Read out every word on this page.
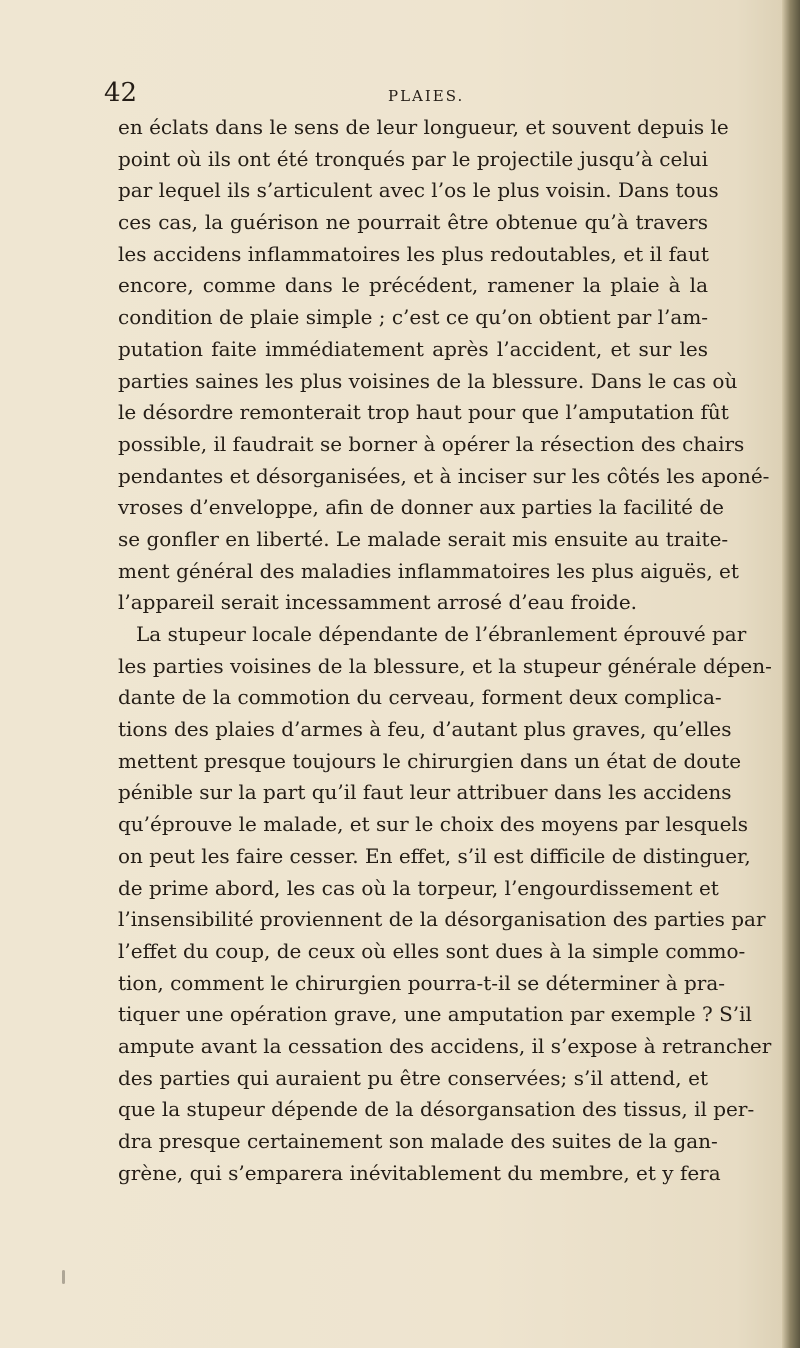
42	PLAIES.
en éclats dans le sens de leur longueur, et souvent depuis le
point où ils ont été tronqués par le projectile jusqu’à celui
par lequel ils s’articulent avec l’os le plus voisin. Dans tous
ces cas, la guérison ne pourrait être obtenue qu’à travers
les accidens inflammatoires les plus redoutables, et il faut
encore, comme dans le précédent, ramener la plaie à la
condition de plaie simple ; c’est ce qu’on obtient par l’am-
putation faite immédiatement après l’accident, et sur les
parties saines les plus voisines de la blessure. Dans le cas où
le désordre remonterait trop haut pour que l’amputation fût
possible, il faudrait se borner à opérer la résection des chairs
pendantes et désorganisées, et à inciser sur les côtés les aponé-
vroses d’enveloppe, afin de donner aux parties la facilité de
se gonfler en liberté. Le malade serait mis ensuite au traite-
ment général des maladies inflammatoires les plus aiguës, et
l’appareil serait incessamment arrosé d’eau froide.
La stupeur locale dépendante de l’ébranlement éprouvé par
les parties voisines de la blessure, et la stupeur générale dépen-
dante de la commotion du cerveau, forment deux complica-
tions des plaies d’armes à feu, d’autant plus graves, qu’elles
mettent presque toujours le chirurgien dans un état de doute
pénible sur la part qu’il faut leur attribuer dans les accidens
qu’éprouve le malade, et sur le choix des moyens par lesquels
on peut les faire cesser. En effet, s’il est difficile de distinguer,
de prime abord, les cas où la torpeur, l’engourdissement et
l’insensibilité proviennent de la désorganisation des parties par
l’effet du coup, de ceux où elles sont dues à la simple commo-
tion, comment le chirurgien pourra-t-il se déterminer à pra-
tiquer une opération grave, une amputation par exemple ? S’il
ampute avant la cessation des accidens, il s’expose à retrancher
des parties qui auraient pu être conservées; s’il attend, et
que la stupeur dépende de la désorgansation des tissus, il per-
dra presque certainement son malade des suites de la gan-
grène, qui s’emparera inévitablement du membre, et y fera
